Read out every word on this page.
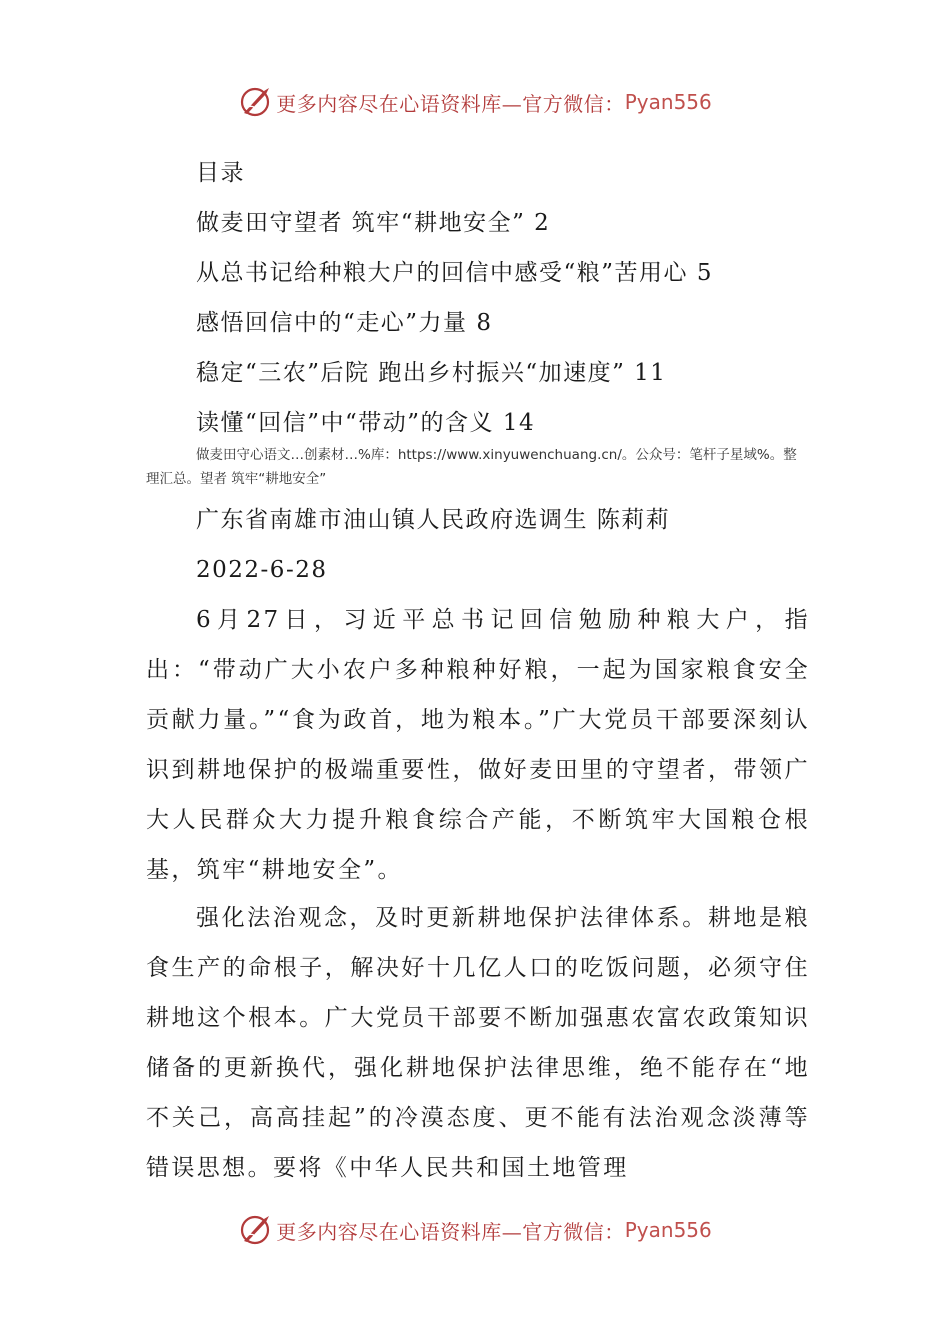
更多内容尽在心语资料库—官方微信： Pyan556
目录
做麦田守望者 筑牢“耕地安全” 2
从总书记给种粮大户的回信中感受“粮”苦用心 5
感悟回信中的“走心”力量 8
稳定“三农”后院 跑出乡村振兴“加速度” 11
读懂“回信”中“带动”的含义 14
做麦田守心语文…创素材…%库：https://www.xinyuwenchuang.cn/。公众号：笔杆子星域%。整理汇总。望者 筑牢“耕地安全”
广东省南雄市油山镇人民政府选调生 陈莉莉
2022-6-28

6月27日，习近平总书记回信勉励种粮大户，指出：“带动广大小农户多种粮种好粮，一起为国家粮食安全贡献力量。”“食为政首，地为粮本。”广大党员干部要深刻认识到耕地保护的极端重要性，做好麦田里的守望者，带领广大人民群众大力提升粮食综合产能，不断筑牢大国粮仓根基，筑牢“耕地安全”。

强化法治观念，及时更新耕地保护法律体系。耕地是粮食生产的命根子，解决好十几亿人口的吃饭问题，必须守住耕地这个根本。广大党员干部要不断加强惠农富农政策知识储备的更新换代，强化耕地保护法律思维，绝不能存在“地不关己，高高挂起”的冷漠态度、更不能有法治观念淡薄等错误思想。要将《中华人民共和国土地管理

更多内容尽在心语资料库—官方微信： Pyan556
